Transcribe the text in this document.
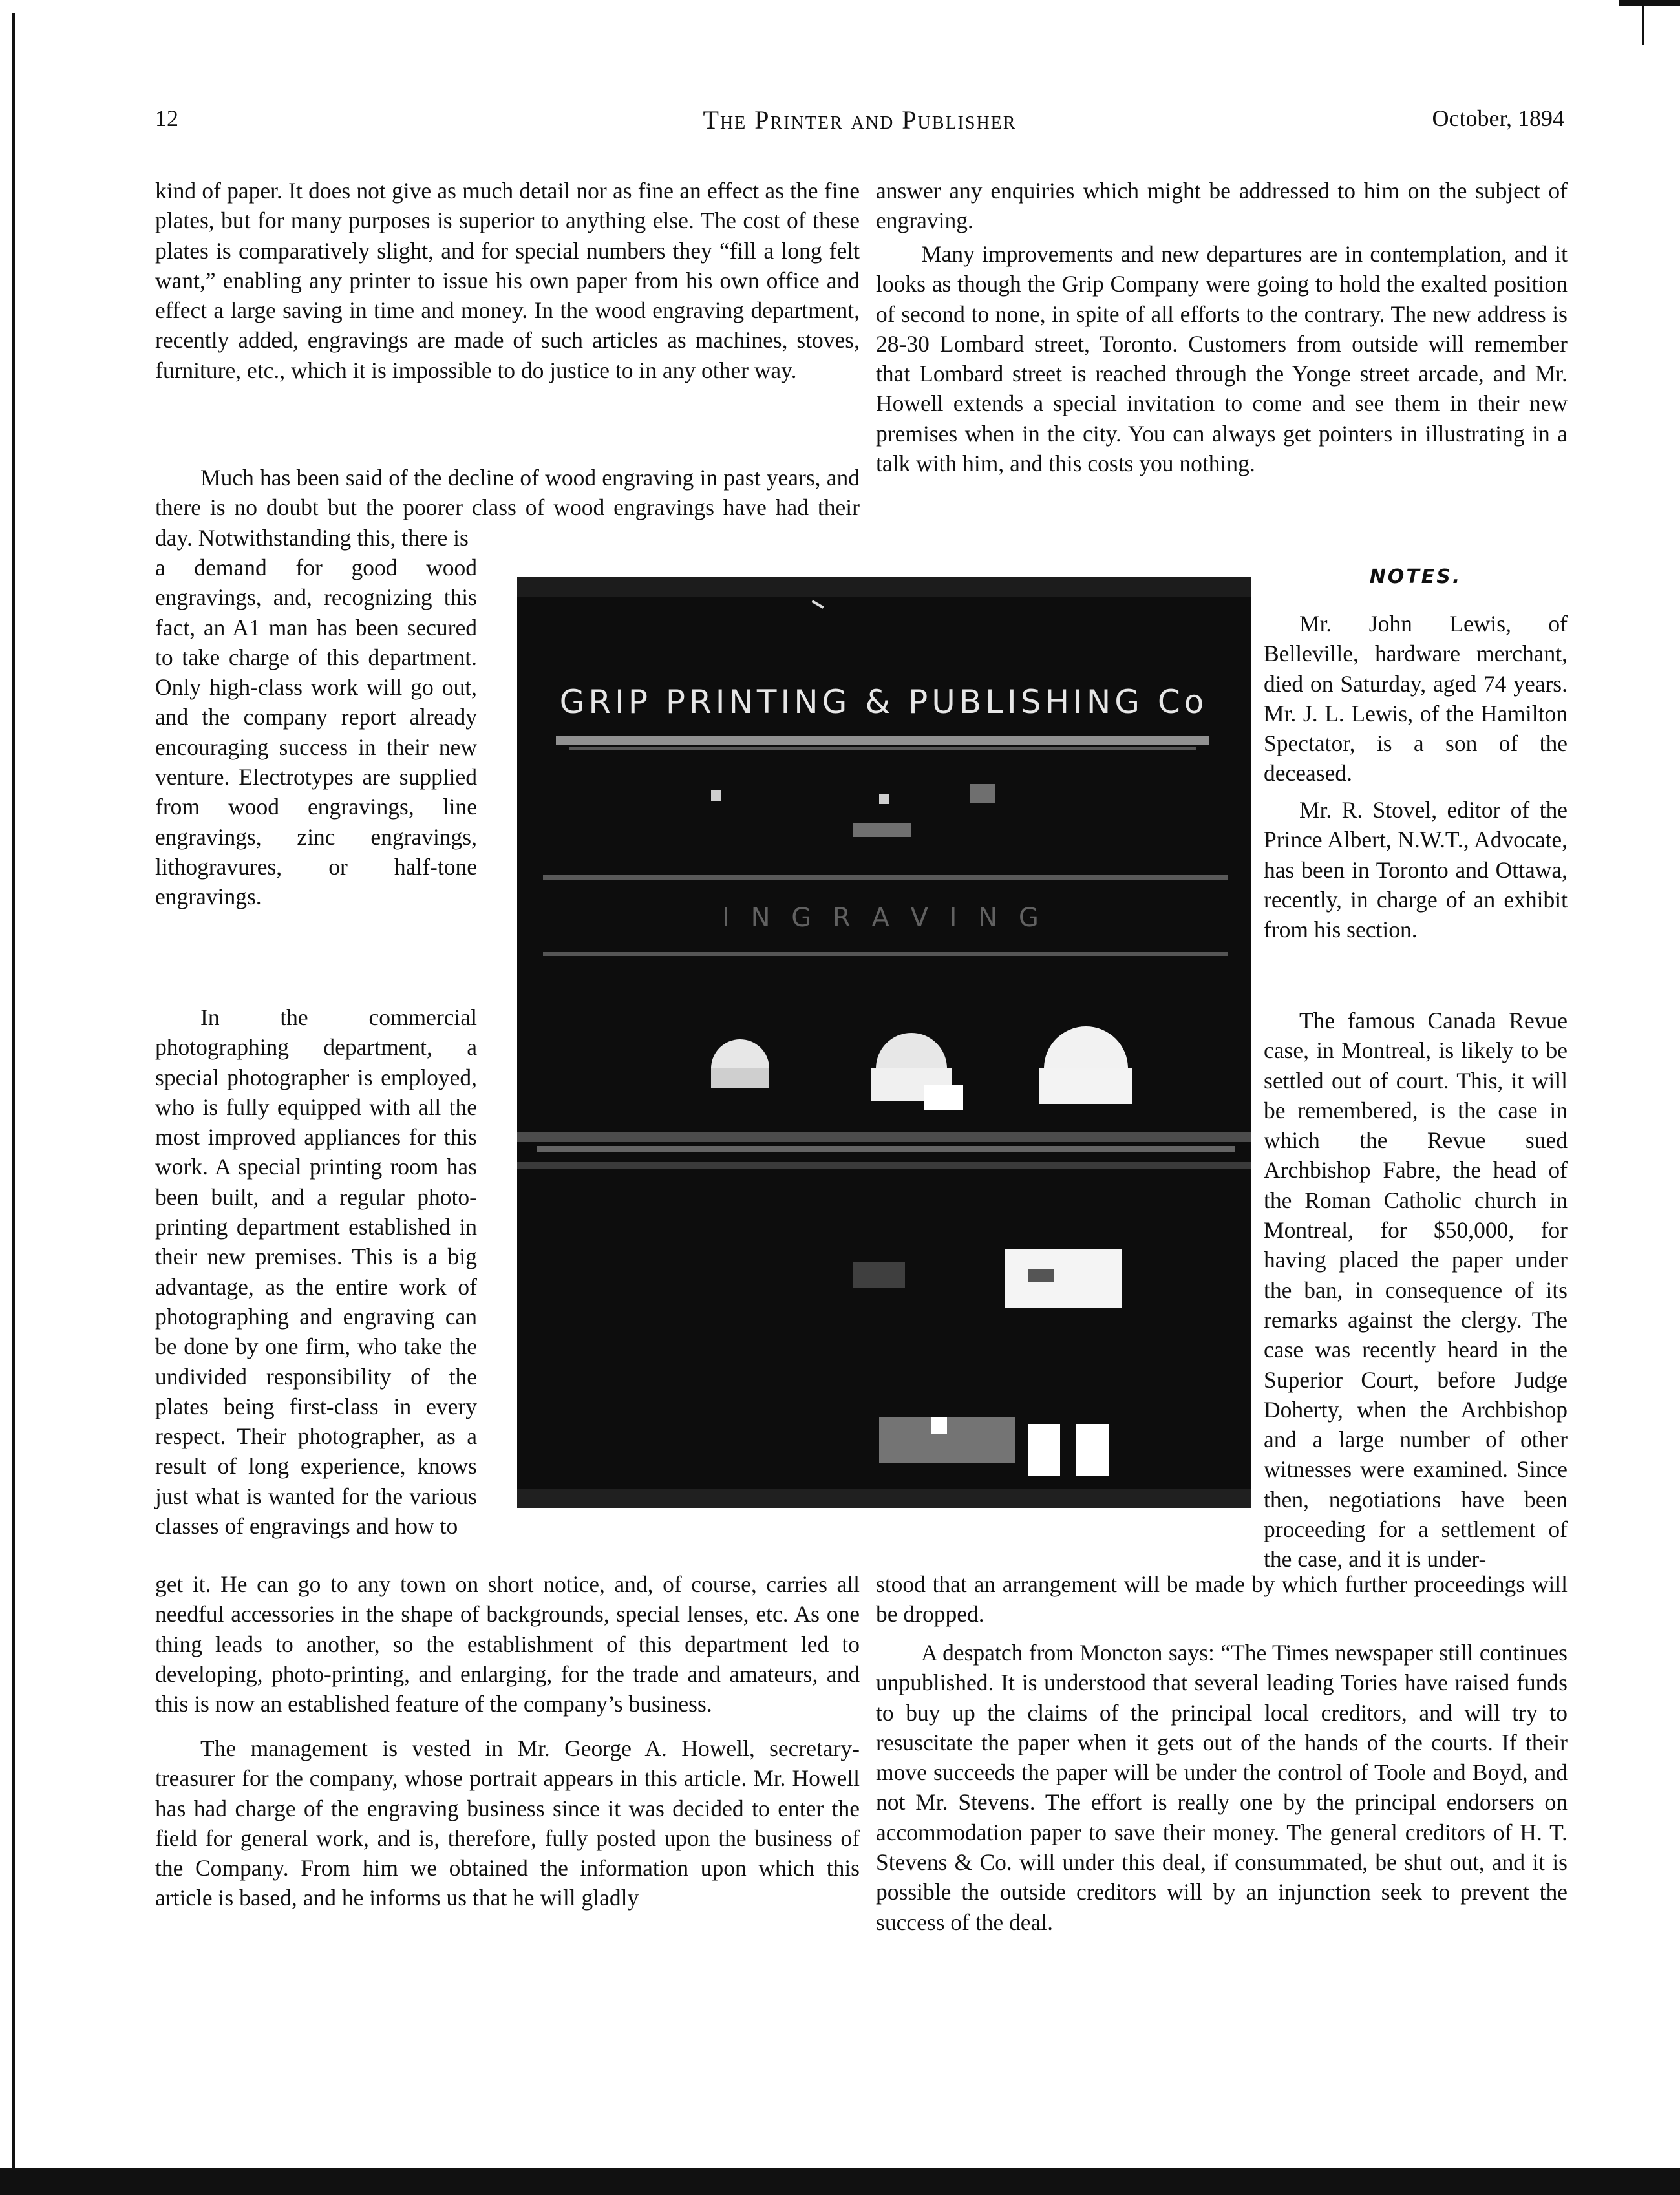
12	The Printer and Publisher	October, 1894

kind of paper. It does not give as much detail nor as fine an effect as the fine plates, but for many purposes is superior to anything else. The cost of these plates is comparatively slight, and for special numbers they “fill a long felt want,” enabling any printer to issue his own paper from his own office and effect a large saving in time and money. In the wood engraving department, recently added, engravings are made of such articles as machines, stoves, furniture, etc., which it is impossible to do justice to in any other way.

Much has been said of the decline of wood engraving in past years, and there is no doubt but the poorer class of wood engravings have had their day. Notwithstanding this, there is

a demand for good wood engravings, and, recognizing this fact, an A1 man has been secured to take charge of this department. Only high-class work will go out, and the company report already encouraging success in their new venture. Electrotypes are supplied from wood engravings, line engravings, zinc engravings, lithogravures, or half-tone engravings.

In the commercial photographing department, a special photographer is employed, who is fully equipped with all the most improved appliances for this work. A special printing room has been built, and a regular photo-printing department established in their new premises. This is a big advantage, as the entire work of photographing and engraving can be done by one firm, who take the undivided responsibility of the plates being first-class in every respect. Their photographer, as a result of long experience, knows just what is wanted for the various classes of engravings and how to

get it. He can go to any town on short notice, and, of course, carries all needful accessories in the shape of backgrounds, special lenses, etc. As one thing leads to another, so the establishment of this department led to developing, photo-printing, and enlarging, for the trade and amateurs, and this is now an established feature of the company’s business.

The management is vested in Mr. George A. Howell, secretary-treasurer for the company, whose portrait appears in this article. Mr. Howell has had charge of the engraving business since it was decided to enter the field for general work, and is, therefore, fully posted upon the business of the Company. From him we obtained the information upon which this article is based, and he informs us that he will gladly

answer any enquiries which might be addressed to him on the subject of engraving.

Many improvements and new departures are in contemplation, and it looks as though the Grip Company were going to hold the exalted position of second to none, in spite of all efforts to the contrary. The new address is 28-30 Lombard street, Toronto. Customers from outside will remember that Lombard street is reached through the Yonge street arcade, and Mr. Howell extends a special invitation to come and see them in their new premises when in the city. You can always get pointers in illustrating in a talk with him, and this costs you nothing.

NOTES.

Mr. John Lewis, of Belleville, hardware merchant, died on Saturday, aged 74 years. Mr. J. L. Lewis, of the Hamilton Spectator, is a son of the deceased.

Mr. R. Stovel, editor of the Prince Albert, N.W.T., Advocate, has been in Toronto and Ottawa, recently, in charge of an exhibit from his section.

The famous Canada Revue case, in Montreal, is likely to be settled out of court. This, it will be remembered, is the case in which the Revue sued Archbishop Fabre, the head of the Roman Catholic church in Montreal, for $50,000, for having placed the paper under the ban, in consequence of its remarks against the clergy. The case was recently heard in the Superior Court, before Judge Doherty, when the Archbishop and a large number of other witnesses were examined. Since then, negotiations have been proceeding for a settlement of the case, and it is under-

stood that an arrangement will be made by which further proceedings will be dropped.

A despatch from Moncton says: “The Times newspaper still continues unpublished. It is understood that several leading Tories have raised funds to buy up the claims of the principal local creditors, and will try to resuscitate the paper when it gets out of the hands of the courts. If their move succeeds the paper will be under the control of Toole and Boyd, and not Mr. Stevens. The effort is really one by the principal endorsers on accommodation paper to save their money. The general creditors of H. T. Stevens & Co. will under this deal, if consummated, be shut out, and it is possible the outside creditors will by an injunction seek to prevent the success of the deal.

GRIP PRINTING & PUBLISHING Co
I N G R A V I N G
